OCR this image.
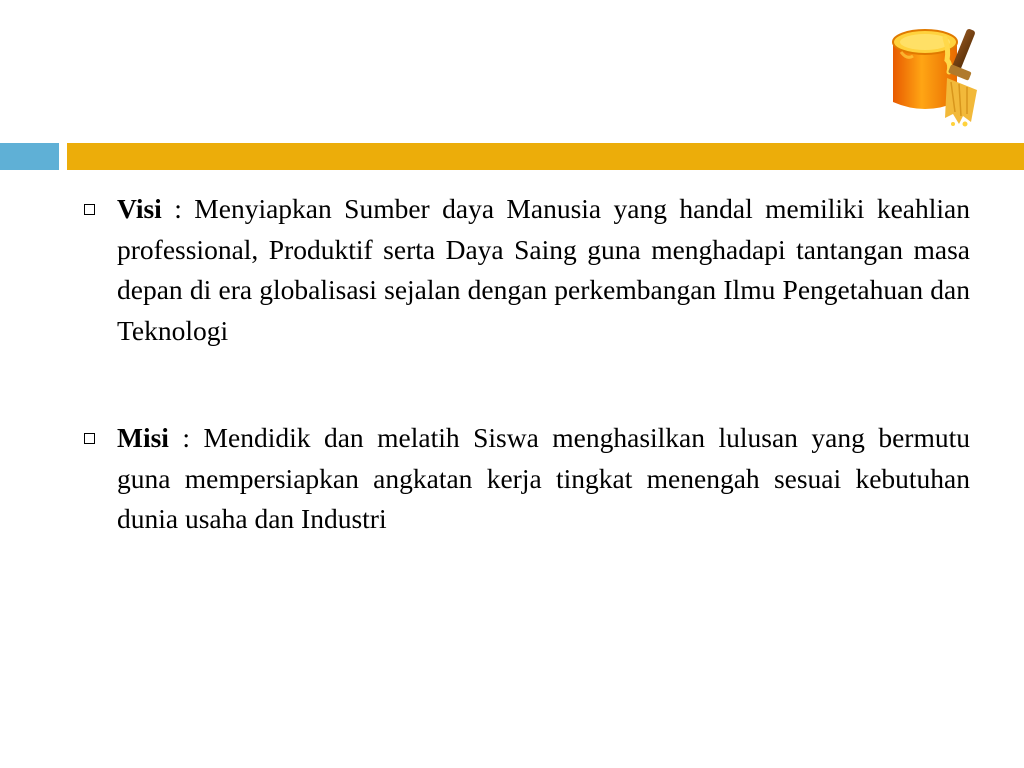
Visi : Menyiapkan Sumber daya Manusia yang handal memiliki keahlian professional, Produktif serta Daya Saing guna menghadapi tantangan masa depan di era globalisasi sejalan dengan perkembangan Ilmu Pengetahuan dan Teknologi
Misi : Mendidik dan melatih Siswa menghasilkan lulusan yang bermutu guna mempersiapkan angkatan kerja tingkat menengah sesuai kebutuhan dunia usaha dan Industri
